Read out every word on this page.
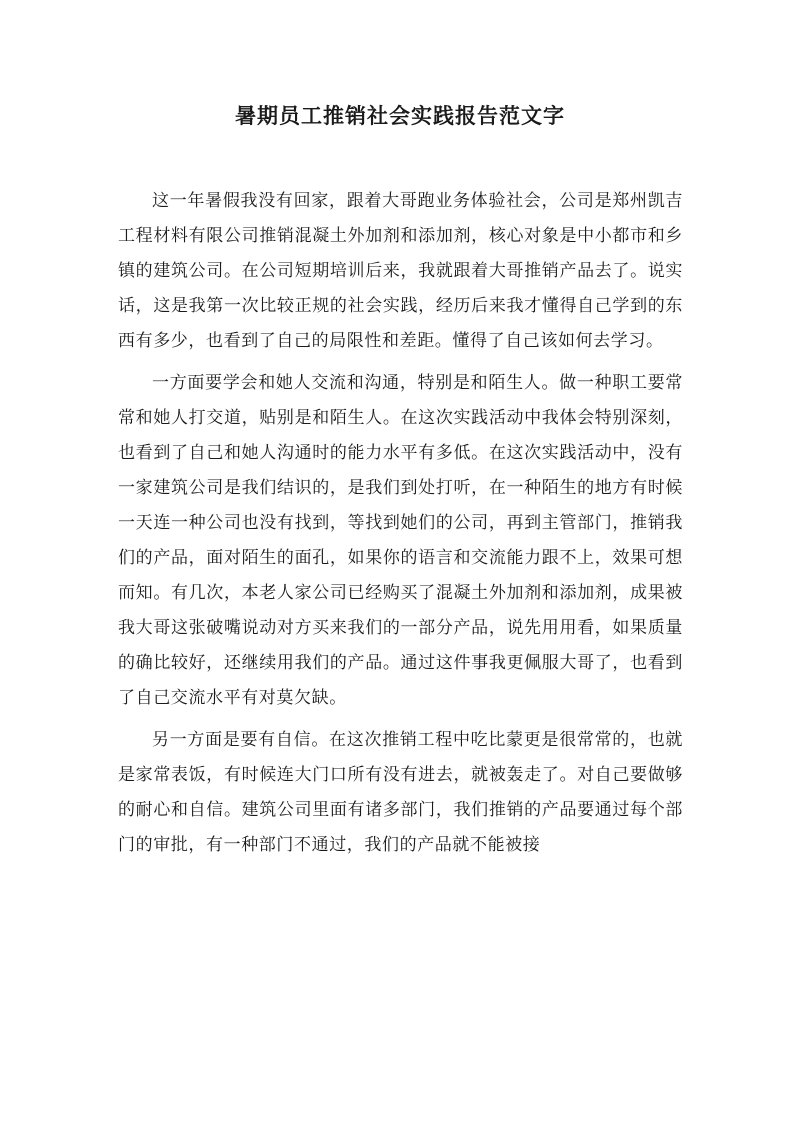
暑期员工推销社会实践报告范文字

这一年暑假我没有回家，跟着大哥跑业务体验社会，公司是郑州凯吉工程材料有限公司推销混凝土外加剂和添加剂，核心对象是中小都市和乡镇的建筑公司。在公司短期培训后来，我就跟着大哥推销产品去了。说实话，这是我第一次比较正规的社会实践，经历后来我才懂得自己学到的东西有多少，也看到了自己的局限性和差距。懂得了自己该如何去学习。

一方面要学会和她人交流和沟通，特别是和陌生人。做一种职工要常常和她人打交道，贴别是和陌生人。在这次实践活动中我体会特别深刻，也看到了自己和她人沟通时的能力水平有多低。在这次实践活动中，没有一家建筑公司是我们结识的，是我们到处打听，在一种陌生的地方有时候一天连一种公司也没有找到，等找到她们的公司，再到主管部门，推销我们的产品，面对陌生的面孔，如果你的语言和交流能力跟不上，效果可想而知。有几次，本老人家公司已经购买了混凝土外加剂和添加剂，成果被我大哥这张破嘴说动对方买来我们的一部分产品，说先用用看，如果质量的确比较好，还继续用我们的产品。通过这件事我更佩服大哥了，也看到了自己交流水平有对莫欠缺。

另一方面是要有自信。在这次推销工程中吃比蒙更是很常常的，也就是家常表饭，有时候连大门口所有没有进去，就被轰走了。对自己要做够的耐心和自信。建筑公司里面有诸多部门，我们推销的产品要通过每个部门的审批，有一种部门不通过，我们的产品就不能被接
